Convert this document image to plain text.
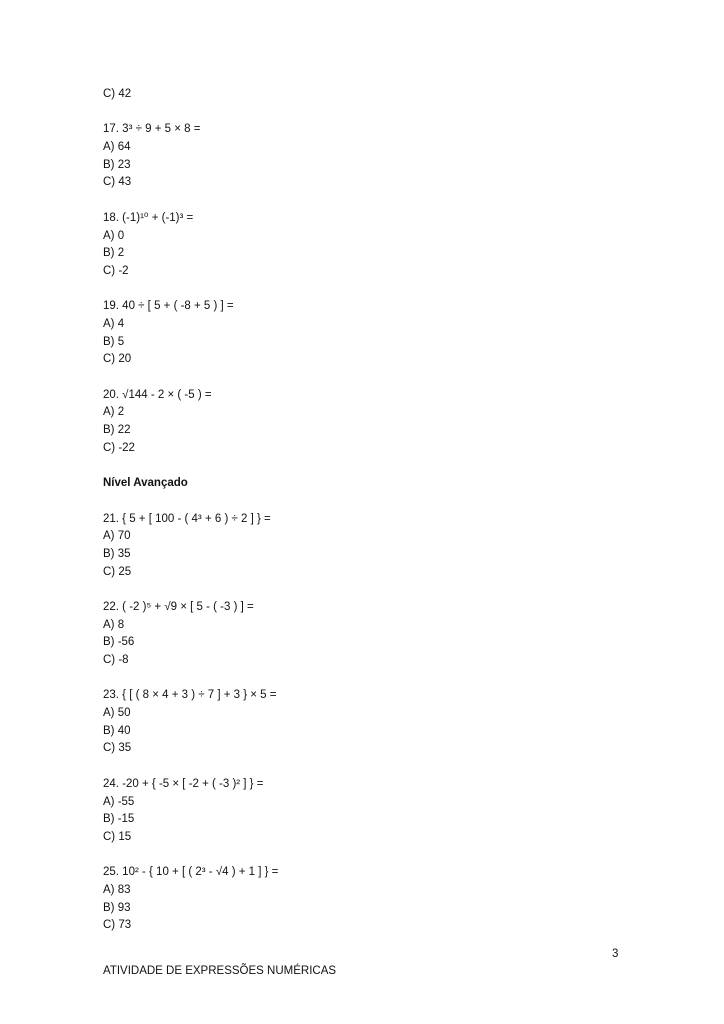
C) 42
17. 3³ ÷ 9 + 5 × 8 =
A) 64
B) 23
C) 43
18. (-1)¹⁰ + (-1)³ =
A) 0
B) 2
C) -2
19. 40 ÷ [ 5 + ( -8 + 5 ) ] =
A) 4
B) 5
C) 20
20. √144 - 2 × ( -5 ) =
A) 2
B) 22
C) -22
Nível Avançado
21. { 5 + [ 100 - ( 4³ + 6 ) ÷ 2 ] } =
A) 70
B) 35
C) 25
22. ( -2 )⁵ + √9 × [ 5 - ( -3 ) ] =
A) 8
B) -56
C) -8
23. { [ ( 8 × 4 + 3 ) ÷ 7 ] + 3 } × 5 =
A) 50
B) 40
C) 35
24. -20 + { -5 × [ -2 + ( -3 )² ] } =
A) -55
B) -15
C) 15
25. 10² - { 10 + [ ( 2³ - √4 ) + 1 ] } =
A) 83
B) 93
C) 73
3
ATIVIDADE DE EXPRESSÕES NUMÉRICAS
